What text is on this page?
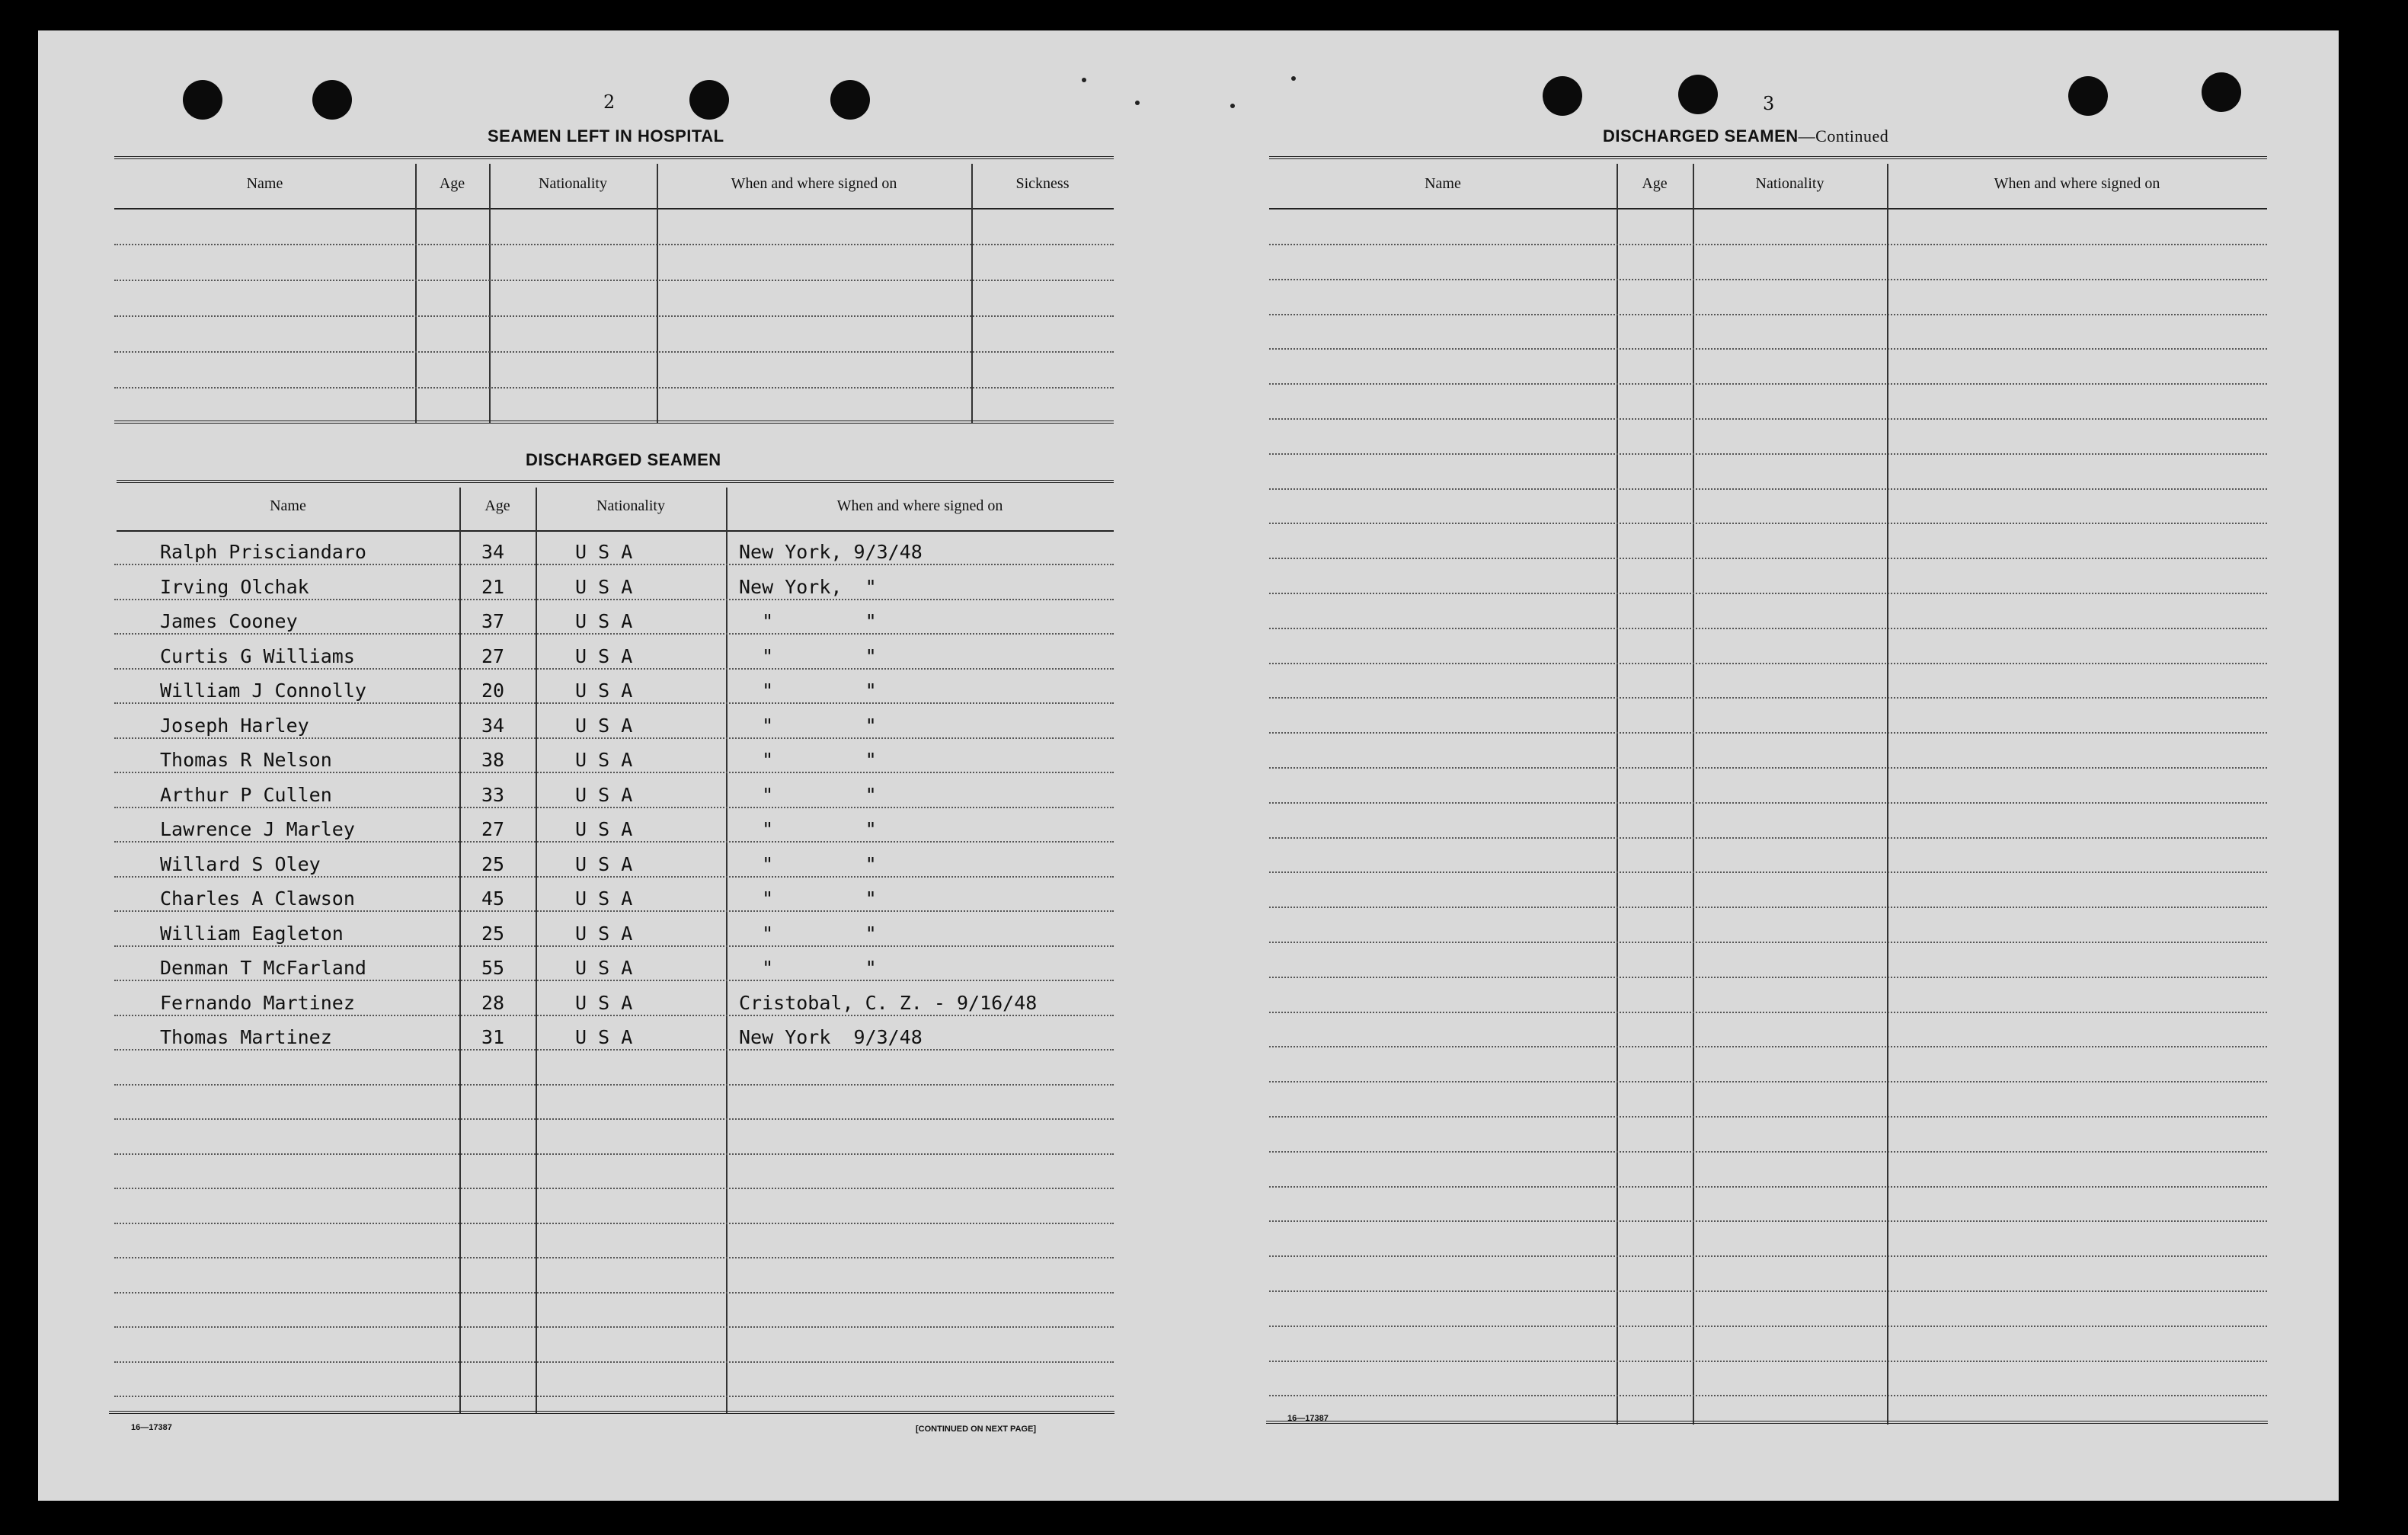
2
SEAMEN LEFT IN HOSPITAL
Name	Age	Nationality	When and where signed on	Sickness
DISCHARGED SEAMEN
Name	Age	Nationality	When and where signed on
Ralph Prisciandaro	34	U S A	New York, 9/3/48
Irving Olchak	21	U S A	New York,  "
James Cooney	37	U S A	"        "
Curtis G Williams	27	U S A	"        "
William J Connolly	20	U S A	"        "
Joseph Harley	34	U S A	"        "
Thomas R Nelson	38	U S A	"        "
Arthur P Cullen	33	U S A	"        "
Lawrence J Marley	27	U S A	"        "
Willard S Oley	25	U S A	"        "
Charles A Clawson	45	U S A	"        "
William Eagleton	25	U S A	"        "
Denman T McFarland	55	U S A	"        "
Fernando Martinez	28	U S A	Cristobal, C. Z. - 9/16/48
Thomas Martinez	31	U S A	New York  9/3/48
16—17387	[CONTINUED ON NEXT PAGE]
3
DISCHARGED SEAMEN—Continued
Name	Age	Nationality	When and where signed on
16—17387
